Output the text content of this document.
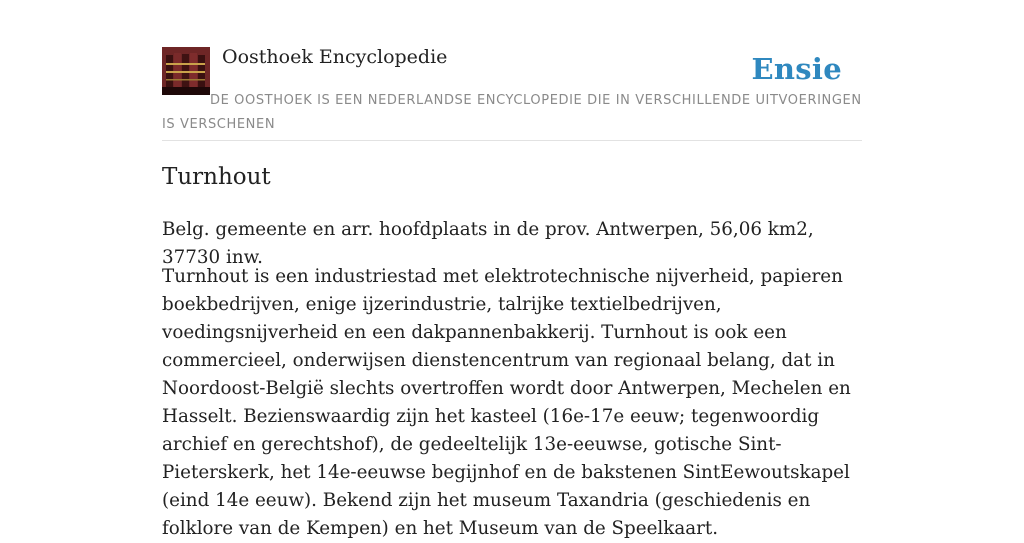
Oosthoek Encyclopedie	Ensie
DE OOSTHOEK IS EEN NEDERLANDSE ENCYCLOPEDIE DIE IN VERSCHILLENDE UITVOERINGEN IS VERSCHENEN
Turnhout

Belg. gemeente en arr. hoofdplaats in de prov. Antwerpen, 56,06 km2, 37730 inw.

Turnhout is een industriestad met elektrotechnische nijverheid, papieren boekbedrijven, enige ijzerindustrie, talrijke textielbedrijven, voedingsnijverheid en een dakpannenbakkerij. Turnhout is ook een commercieel, onderwijsen dienstencentrum van regionaal belang, dat in Noordoost-België slechts overtroffen wordt door Antwerpen, Mechelen en Hasselt. Bezienswaardig zijn het kasteel (16e-17e eeuw; tegenwoordig archief en gerechtshof), de gedeeltelijk 13e-eeuwse, gotische Sint-Pieterskerk, het 14e-eeuwse begijnhof en de bakstenen SintEewoutskapel (eind 14e eeuw). Bekend zijn het museum Taxandria (geschiedenis en folklore van de Kempen) en het Museum van de Speelkaart.
